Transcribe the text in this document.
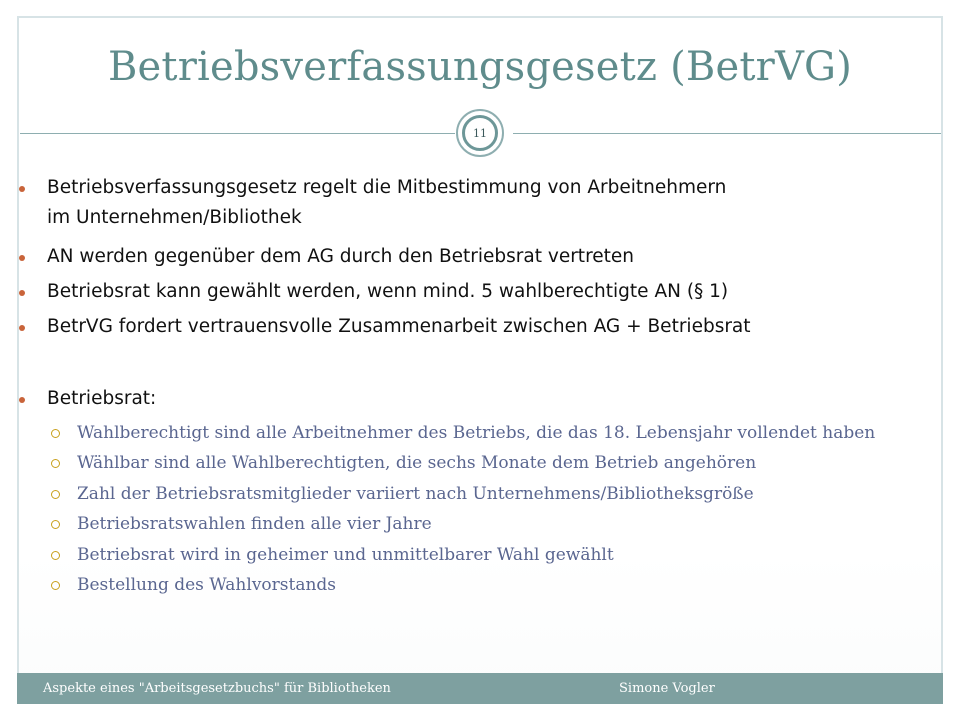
Betriebsverfassungsgesetz (BetrVG)
11
Betriebsverfassungsgesetz regelt die Mitbestimmung von Arbeitnehmern
im Unternehmen/Bibliothek
AN werden gegenüber dem AG durch den Betriebsrat vertreten
Betriebsrat kann gewählt werden, wenn mind. 5 wahlberechtigte AN (§ 1)
BetrVG fordert vertrauensvolle Zusammenarbeit zwischen AG + Betriebsrat
Betriebsrat:
Wahlberechtigt sind alle Arbeitnehmer des Betriebs, die das 18. Lebensjahr vollendet haben
Wählbar sind alle Wahlberechtigten, die sechs Monate dem Betrieb angehören
Zahl der Betriebsratsmitglieder variiert nach Unternehmens/Bibliotheksgröße
Betriebsratswahlen finden alle vier Jahre
Betriebsrat wird in geheimer und unmittelbarer Wahl gewählt
Bestellung des Wahlvorstands
Aspekte eines "Arbeitsgesetzbuchs" für Bibliotheken	Simone Vogler
